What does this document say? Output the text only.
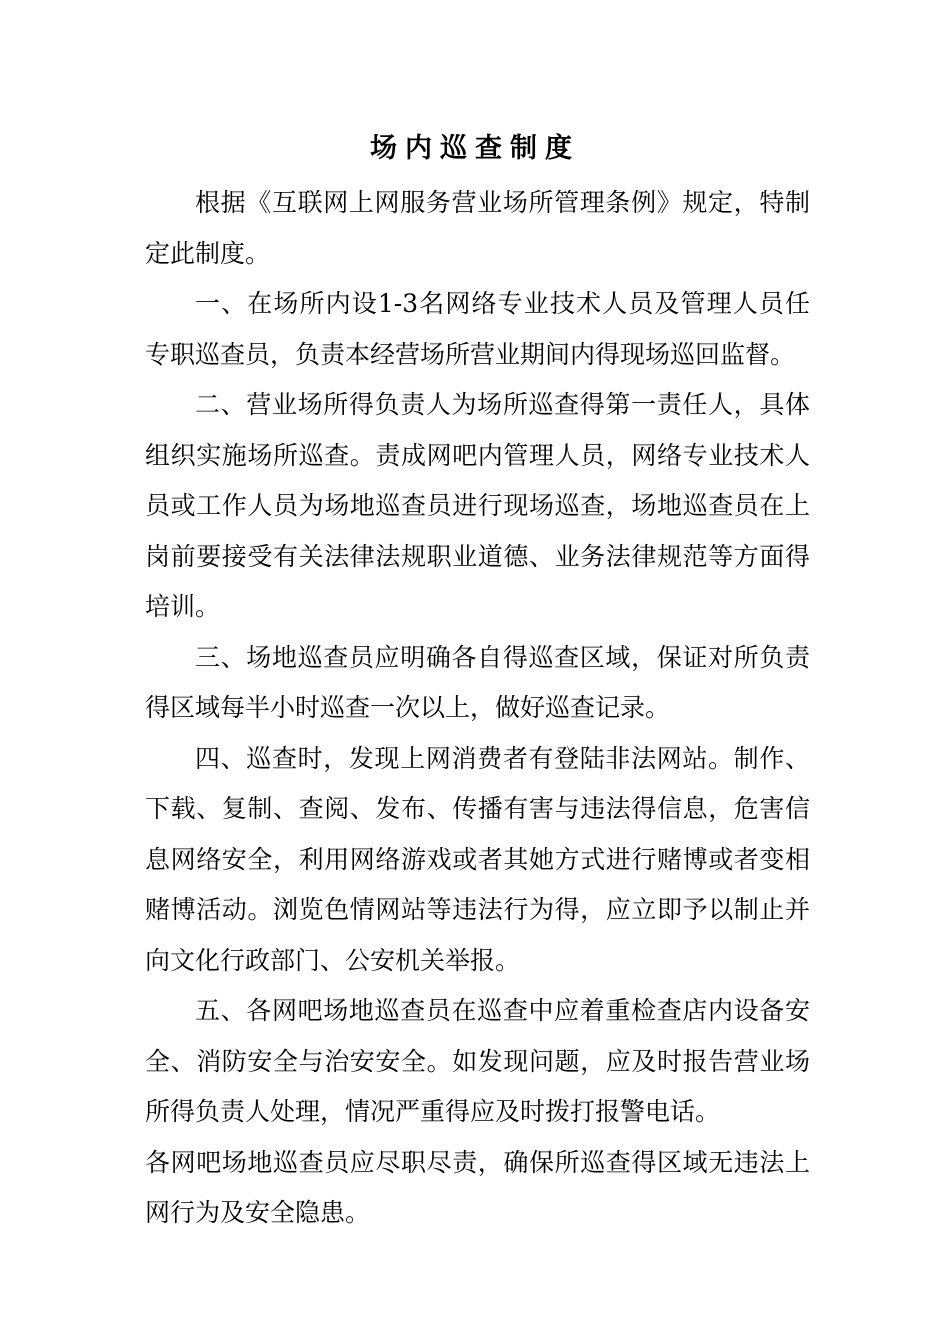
场内巡查制度

根据《互联网上网服务营业场所管理条例》规定，特制定此制度。

一、在场所内设1-3名网络专业技术人员及管理人员任专职巡查员，负责本经营场所营业期间内得现场巡回监督。

二、营业场所得负责人为场所巡查得第一责任人，具体组织实施场所巡查。责成网吧内管理人员，网络专业技术人员或工作人员为场地巡查员进行现场巡查，场地巡查员在上岗前要接受有关法律法规职业道德、业务法律规范等方面得培训。

三、场地巡查员应明确各自得巡查区域，保证对所负责得区域每半小时巡查一次以上，做好巡查记录。

四、巡查时，发现上网消费者有登陆非法网站。制作、下载、复制、查阅、发布、传播有害与违法得信息，危害信息网络安全，利用网络游戏或者其她方式进行赌博或者变相赌博活动。浏览色情网站等违法行为得，应立即予以制止并向文化行政部门、公安机关举报。

五、各网吧场地巡查员在巡查中应着重检查店内设备安全、消防安全与治安安全。如发现问题，应及时报告营业场所得负责人处理，情况严重得应及时拨打报警电话。

各网吧场地巡查员应尽职尽责，确保所巡查得区域无违法上网行为及安全隐患。
